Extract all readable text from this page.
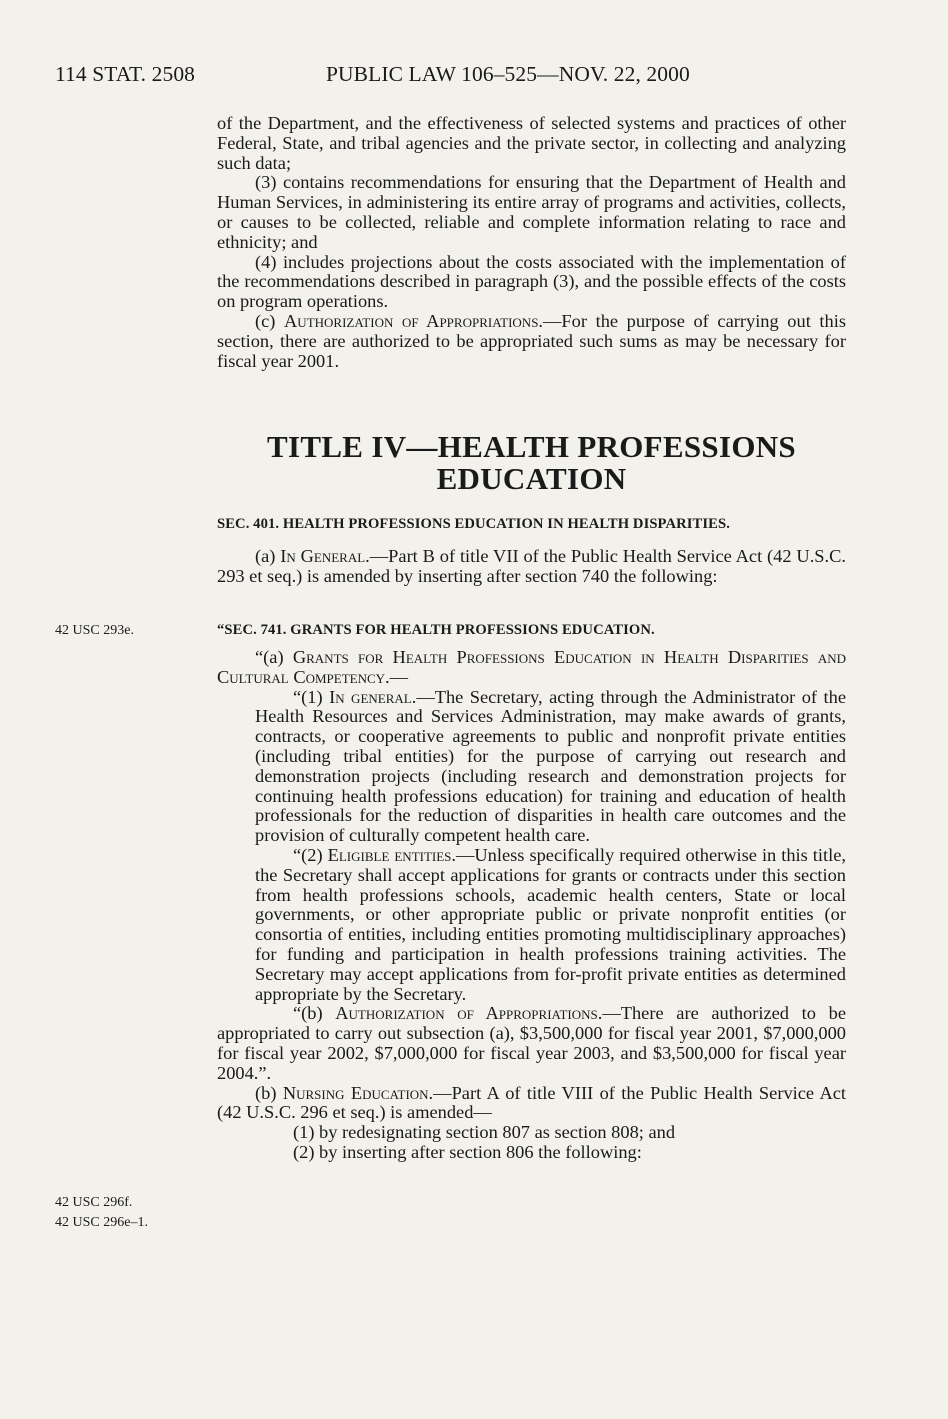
114 STAT. 2508	PUBLIC LAW 106–525—NOV. 22, 2000

of the Department, and the effectiveness of selected systems and practices of other Federal, State, and tribal agencies and the private sector, in collecting and analyzing such data;

(3) contains recommendations for ensuring that the Department of Health and Human Services, in administering its entire array of programs and activities, collects, or causes to be collected, reliable and complete information relating to race and ethnicity; and

(4) includes projections about the costs associated with the implementation of the recommendations described in paragraph (3), and the possible effects of the costs on program operations.

(c) Authorization of Appropriations.—For the purpose of carrying out this section, there are authorized to be appropriated such sums as may be necessary for fiscal year 2001.

TITLE IV—HEALTH PROFESSIONS
EDUCATION
SEC. 401. HEALTH PROFESSIONS EDUCATION IN HEALTH DISPARITIES.

(a) In General.—Part B of title VII of the Public Health Service Act (42 U.S.C. 293 et seq.) is amended by inserting after section 740 the following:

42 USC 293e.	“SEC. 741. GRANTS FOR HEALTH PROFESSIONS EDUCATION.

“(a) Grants for Health Professions Education in Health Disparities and Cultural Competency.—

“(1) In general.—The Secretary, acting through the Administrator of the Health Resources and Services Administration, may make awards of grants, contracts, or cooperative agreements to public and nonprofit private entities (including tribal entities) for the purpose of carrying out research and demonstration projects (including research and demonstration projects for continuing health professions education) for training and education of health professionals for the reduction of disparities in health care outcomes and the provision of culturally competent health care.

“(2) Eligible entities.—Unless specifically required otherwise in this title, the Secretary shall accept applications for grants or contracts under this section from health professions schools, academic health centers, State or local governments, or other appropriate public or private nonprofit entities (or consortia of entities, including entities promoting multidisciplinary approaches) for funding and participation in health professions training activities. The Secretary may accept applications from for-profit private entities as determined appropriate by the Secretary.

“(b) Authorization of Appropriations.—There are authorized to be appropriated to carry out subsection (a), $3,500,000 for fiscal year 2001, $7,000,000 for fiscal year 2002, $7,000,000 for fiscal year 2003, and $3,500,000 for fiscal year 2004.”.

(b) Nursing Education.—Part A of title VIII of the Public Health Service Act (42 U.S.C. 296 et seq.) is amended—

(1) by redesignating section 807 as section 808; and

(2) by inserting after section 806 the following:

42 USC 296f.
42 USC 296e–1.
